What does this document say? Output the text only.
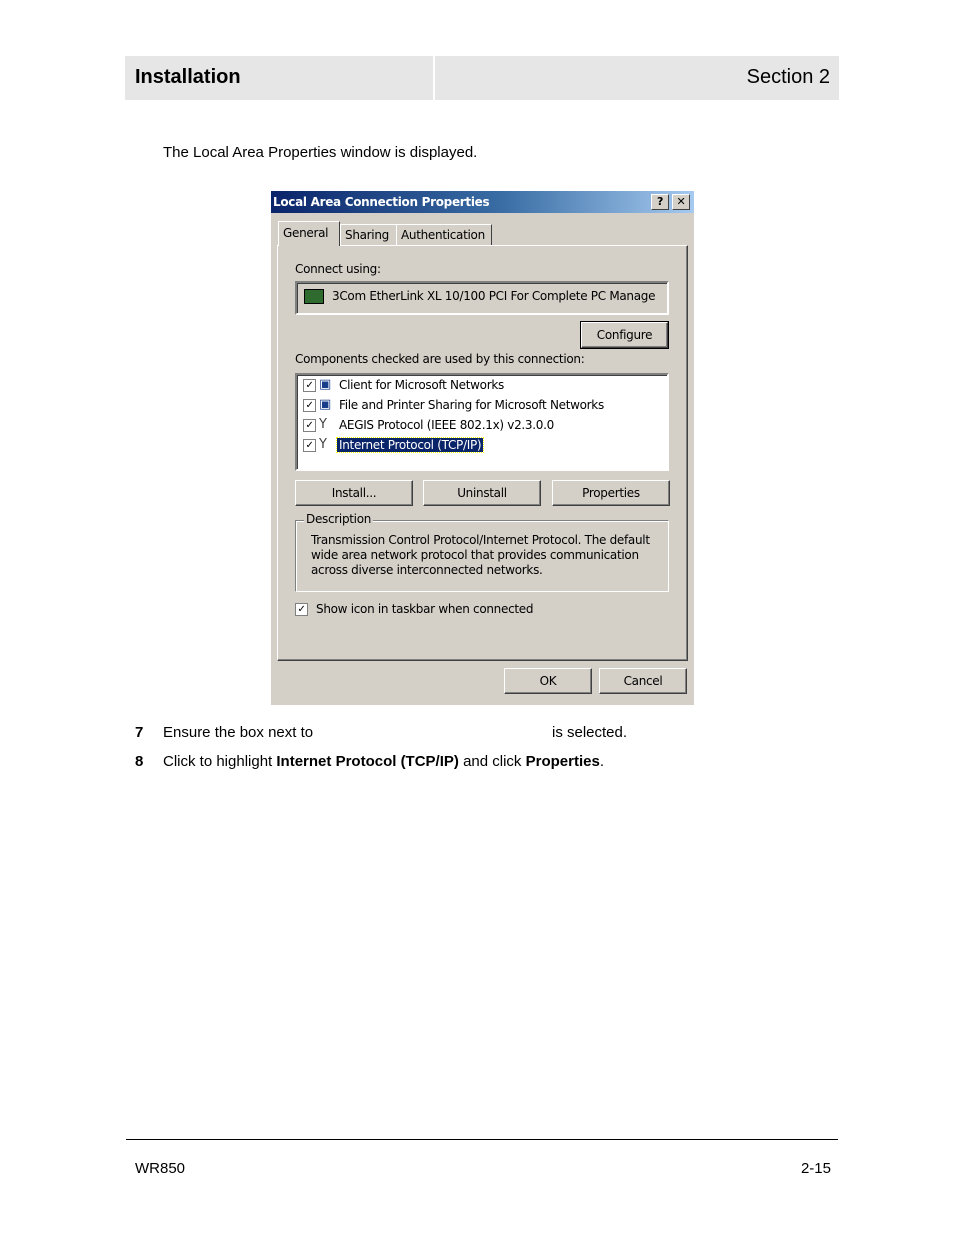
Installation	Section 2
The Local Area Properties window is displayed.
Local Area Connection Properties	?	✕
General	Sharing	Authentication
Connect using:
3Com EtherLink XL 10/100 PCI For Complete PC Manage
Configure
Components checked are used by this connection:
✓ ▣ Client for Microsoft Networks
✓ ▣ File and Printer Sharing for Microsoft Networks
✓ Y	AEGIS Protocol (IEEE 802.1x) v2.3.0.0
✓ Y	Internet Protocol (TCP/IP)
Install...	Uninstall	Properties
Description
Transmission Control Protocol/Internet Protocol. The default wide area network protocol that provides communication across diverse interconnected networks.
✓ Show icon in taskbar when connected
OK	Cancel
7 Ensure the box next to	is selected.
8 Click to highlight Internet Protocol (TCP/IP) and click Properties.
WR850	2-15
